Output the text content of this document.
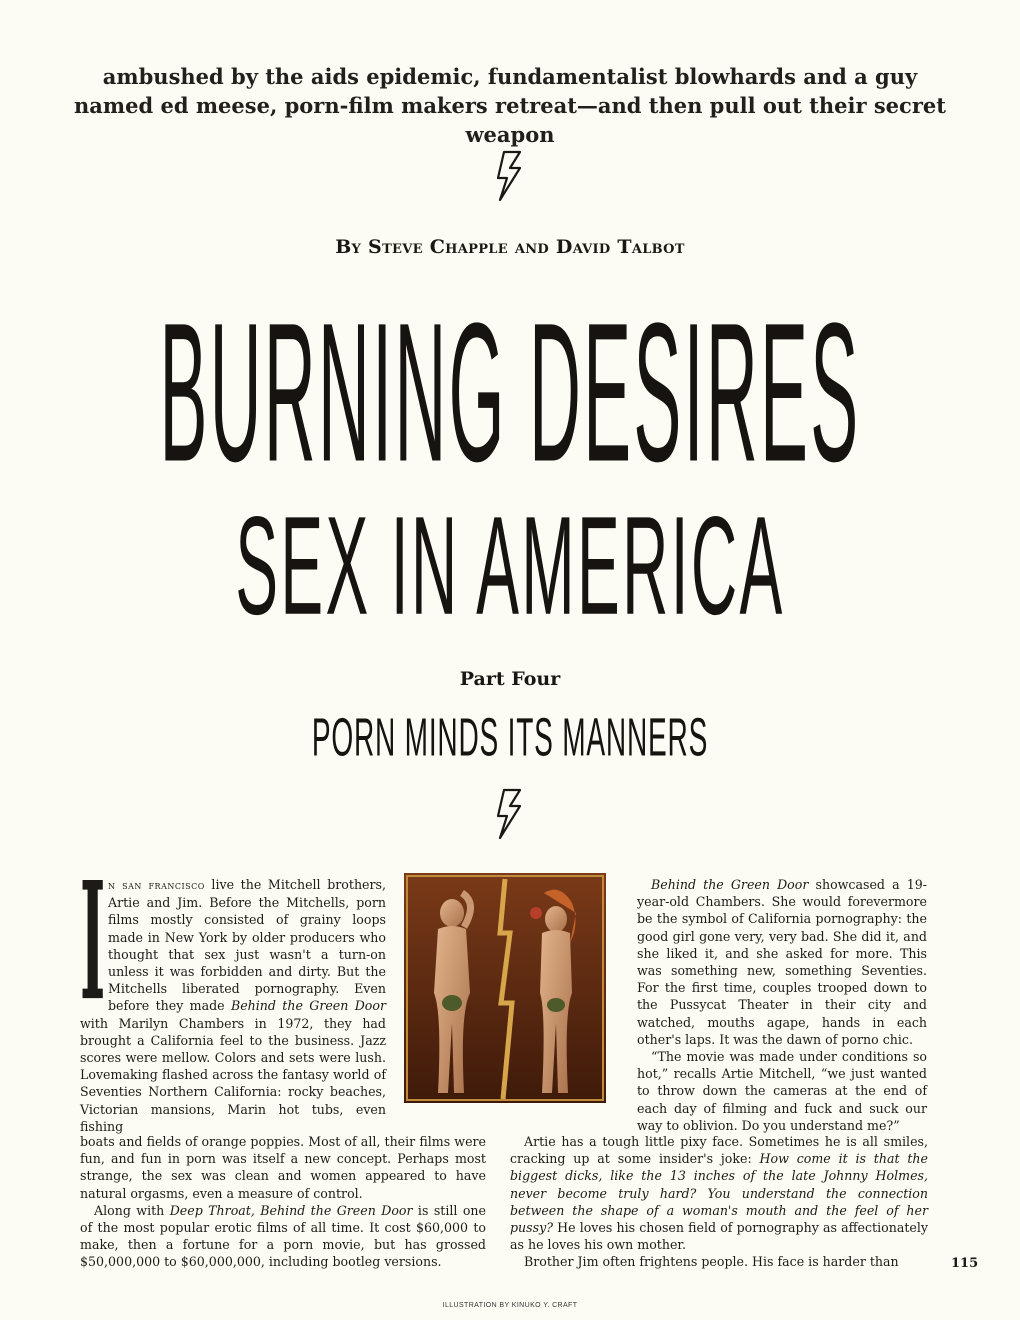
ambushed by the aids epidemic, fundamentalist blowhards and a guy named ed meese, porn-film makers retreat—and then pull out their secret weapon
By Steve Chapple and David Talbot
BURNING DESIRES
SEX IN AMERICA
Part Four
PORN MINDS ITS MANNERS

In san francisco live the Mitchell brothers, Artie and Jim. Before the Mitchells, porn films mostly consisted of grainy loops made in New York by older producers who thought that sex just wasn't a turn-on unless it was forbidden and dirty. But the Mitchells liberated pornography. Even before they made Behind the Green Door with Marilyn Chambers in 1972, they had brought a California feel to the business. Jazz scores were mellow. Colors and sets were lush. Lovemaking flashed across the fantasy world of Seventies Northern California: rocky beaches, Victorian mansions, Marin hot tubs, even fishing

boats and fields of orange poppies. Most of all, their films were fun, and fun in porn was itself a new concept. Perhaps most strange, the sex was clean and women appeared to have natural orgasms, even a measure of control.

Along with Deep Throat, Behind the Green Door is still one of the most popular erotic films of all time. It cost $60,000 to make, then a fortune for a porn movie, but has grossed $50,000,000 to $60,000,000, including bootleg versions.

Behind the Green Door showcased a 19-year-old Chambers. She would forevermore be the symbol of California pornography: the good girl gone very, very bad. She did it, and she liked it, and she asked for more. This was something new, something Seventies. For the first time, couples trooped down to the Pussycat Theater in their city and watched, mouths agape, hands in each other's laps. It was the dawn of porno chic.

“The movie was made under conditions so hot,” recalls Artie Mitchell, “we just wanted to throw down the cameras at the end of each day of filming and fuck and suck our way to oblivion. Do you understand me?”

Artie has a tough little pixy face. Sometimes he is all smiles, cracking up at some insider's joke: How come it is that the biggest dicks, like the 13 inches of the late Johnny Holmes, never become truly hard? You understand the connection between the shape of a woman's mouth and the feel of her pussy? He loves his chosen field of pornography as affectionately as he loves his own mother.

Brother Jim often frightens people. His face is harder than	115
ILLUSTRATION BY KINUKO Y. CRAFT
